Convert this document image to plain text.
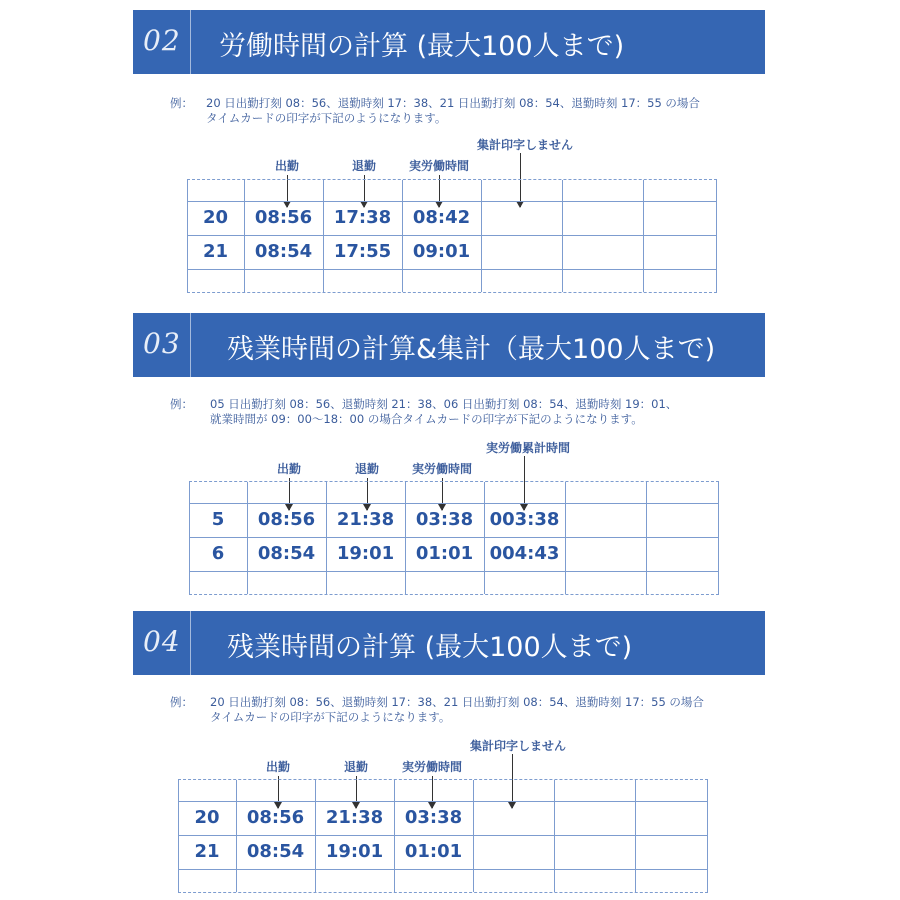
02	労働時間の計算 (最大100人まで)
例： 20 日出勤打刻 08：56、退勤時刻 17：38、21 日出勤打刻 08：54、退勤時刻 17：55 の場合
タイムカードの印字が下記のようになります。
出勤	退勤	実労働時間
集計印字しません
20	08:56	17:38	08:42
21	08:54	17:55	09:01
03	残業時間の計算&集計（最大100人まで)
例： 05 日出勤打刻 08：56、退勤時刻 21：38、06 日出勤打刻 08：54、退勤時刻 19：01、
就業時間が 09：00〜18：00 の場合タイムカードの印字が下記のようになります。
出勤	退勤	実労働時間
実労働累計時間
5	08:56	21:38	03:38 003:38
6	08:54	19:01	01:01 004:43
04	残業時間の計算 (最大100人まで)
例： 20 日出勤打刻 08：56、退勤時刻 17：38、21 日出勤打刻 08：54、退勤時刻 17：55 の場合
タイムカードの印字が下記のようになります。
出勤	退勤	実労働時間
集計印字しません
20	08:56	21:38	03:38
21	08:54	19:01	01:01
